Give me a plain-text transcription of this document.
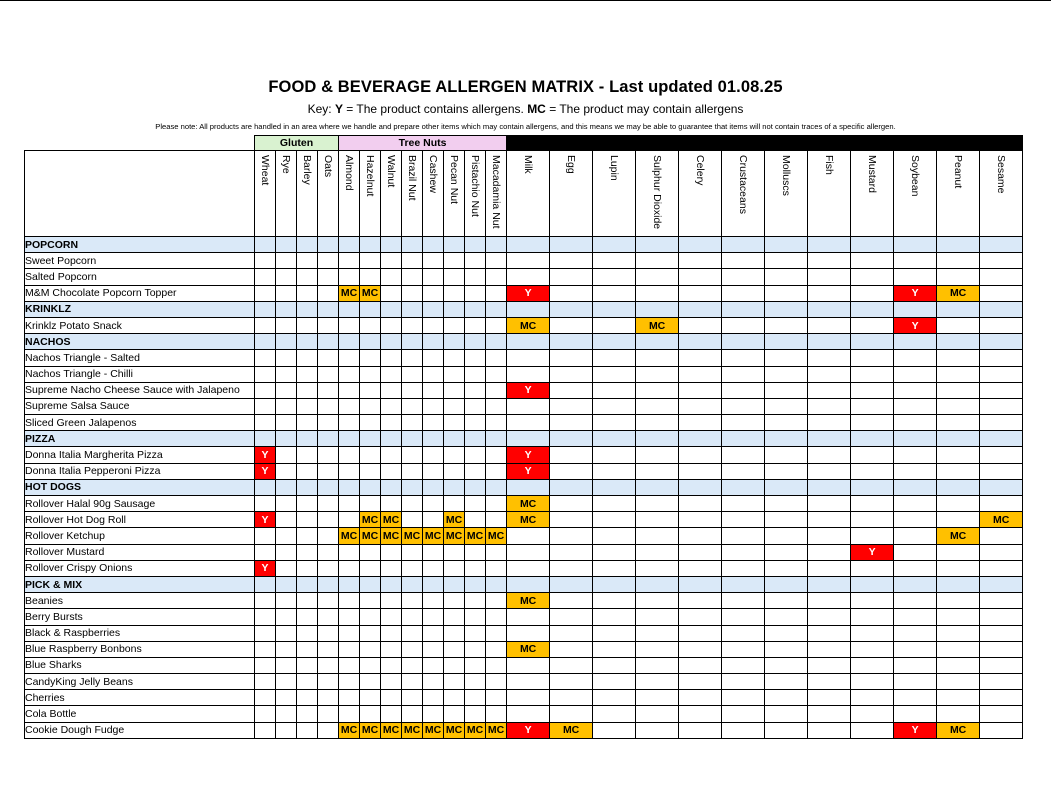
FOOD & BEVERAGE ALLERGEN MATRIX - Last updated 01.08.25
Key: Y = The product contains allergens. MC = The product may contain allergens
Please note: All products are handled in an area where we handle and prepare other items which may contain allergens, and this means we may be able to guarantee that items will not contain traces of a specific allergen.
	Gluten				Tree Nuts																			
	Wheat	Rye	Barley	Oats	Almond	Hazelnut	Walnut	Brazil Nut	Cashew	Pecan Nut	Pistachio Nut	Macadamia Nut	Milk	Egg	Lupin	Sulphur Dioxide	Celery	Crustaceans	Molluscs	Fish	Mustard	Soybean	Peanut	Sesame
POPCORN																								
Sweet Popcorn																								
Salted Popcorn																								
M&M Chocolate Popcorn Topper					MC	MC							Y									Y	MC	
KRINKLZ																								
Krinklz Potato Snack													MC			MC						Y		
NACHOS																								
Nachos Triangle - Salted																								
Nachos Triangle - Chilli																								
Supreme Nacho Cheese Sauce with Jalapeno													Y											
Supreme Salsa Sauce																								
Sliced Green Jalapenos																								
PIZZA																								
Donna Italia Margherita Pizza	Y												Y											
Donna Italia Pepperoni Pizza	Y												Y											
HOT DOGS																								
Rollover Halal 90g Sausage													MC											
Rollover Hot Dog Roll	Y					MC	MC			MC			MC											MC
Rollover Ketchup					MC	MC	MC	MC	MC	MC	MC	MC											MC	
Rollover Mustard																					Y			
Rollover Crispy Onions	Y																							
PICK & MIX																								
Beanies													MC											
Berry Bursts																								
Black & Raspberries																								
Blue Raspberry Bonbons													MC											
Blue Sharks																								
CandyKing Jelly Beans																								
Cherries																								
Cola Bottle																								
Cookie Dough Fudge					MC	MC	MC	MC	MC	MC	MC	MC	Y	MC								Y	MC	
